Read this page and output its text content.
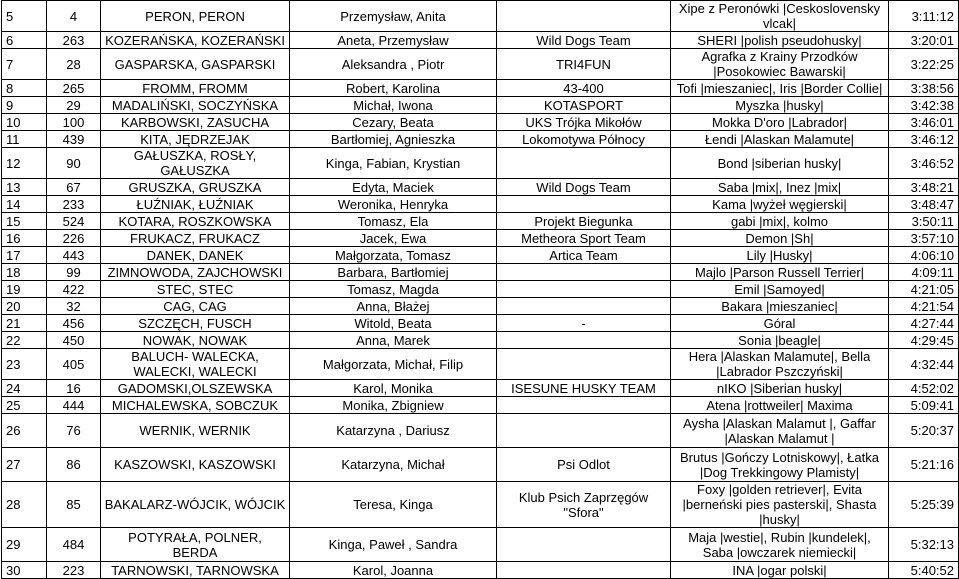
5	4	PERON, PERON	Przemysław, Anita		Xipe z Peronówki |Ceskoslovensky vlcak|	3:11:12
6	263	KOZERAŃSKA, KOZERAŃSKI	Aneta, Przemysław	Wild Dogs Team	SHERI |polish pseudohusky|	3:20:01
7	28	GASPARSKA, GASPARSKI	Aleksandra , Piotr	TRI4FUN	Agrafka z Krainy Przodków |Posokowiec Bawarski|	3:22:25
8	265	FROMM, FROMM	Robert, Karolina	43-400	Tofi |mieszaniec|, Iris |Border Collie|	3:38:56
9	29	MADALIŃSKI, SOCZYŃSKA	Michał, Iwona	KOTASPORT	Myszka |husky|	3:42:38
10	100	KARBOWSKI, ZASUCHA	Cezary, Beata	UKS Trójka Mikołów	Mokka D'oro |Labrador|	3:46:01
11	439	KITA, JĘDRZEJAK	Bartłomiej, Agnieszka	Lokomotywa Północy	Łendi |Alaskan Malamute|	3:46:12
12	90	GAŁUSZKA, ROSŁY, GAŁUSZKA	Kinga, Fabian, Krystian		Bond |siberian husky|	3:46:52
13	67	GRUSZKA, GRUSZKA	Edyta, Maciek	Wild Dogs Team	Saba |mix|, Inez |mix|	3:48:21
14	233	ŁUŹNIAK, ŁUŹNIAK	Weronika, Henryka		Kama |wyżeł węgierski|	3:48:47
15	524	KOTARA, ROSZKOWSKA	Tomasz, Ela	Projekt Biegunka	gabi |mix|, kolmo	3:50:11
16	226	FRUKACZ, FRUKACZ	Jacek, Ewa	Metheora Sport Team	Demon |Sh|	3:57:10
17	443	DANEK, DANEK	Małgorzata, Tomasz	Artica Team	Lily |Husky|	4:06:10
18	99	ZIMNOWODA, ZAJCHOWSKI	Barbara, Bartłomiej		Majlo |Parson Russell Terrier|	4:09:11
19	422	STEC, STEC	Tomasz, Magda		Emil |Samoyed|	4:21:05
20	32	CAG, CAG	Anna, Błażej		Bakara |mieszaniec|	4:21:54
21	456	SZCZĘCH, FUSCH	Witold, Beata	-	Góral	4:27:44
22	450	NOWAK, NOWAK	Anna, Marek		Sonia |beagle|	4:29:45
23	405	BALUCH- WALECKA, WALECKI, WALECKI	Małgorzata, Michał, Filip		Hera |Alaskan Malamute|, Bella |Labrador Pszczyński|	4:32:44
24	16	GADOMSKI,OLSZEWSKA	Karol, Monika	ISESUNE HUSKY TEAM	nIKO |Siberian husky|	4:52:02
25	444	MICHALEWSKA, SOBCZUK	Monika, Zbigniew		Atena |rottweiler| Maxima	5:09:41
26	76	WERNIK, WERNIK	Katarzyna , Dariusz		Aysha |Alaskan Malamut |, Gaffar |Alaskan Malamut |	5:20:37
27	86	KASZOWSKI, KASZOWSKI	Katarzyna, Michał	Psi Odlot	Brutus |Gończy Lotniskowy|, Łatka |Dog Trekkingowy Plamisty|	5:21:16
28	85	BAKALARZ-WÓJCIK, WÓJCIK	Teresa, Kinga	Klub Psich Zaprzęgów "Sfora"	Foxy |golden retriever|, Evita |berneński pies pasterski|, Shasta |husky|	5:25:39
29	484	POTYRAŁA, POLNER, BERDA	Kinga, Paweł , Sandra		Maja |westie|, Rubin |kundelek|, Saba |owczarek niemiecki|	5:32:13
30	223	TARNOWSKI, TARNOWSKA	Karol, Joanna		INA |ogar polski|	5:40:52
